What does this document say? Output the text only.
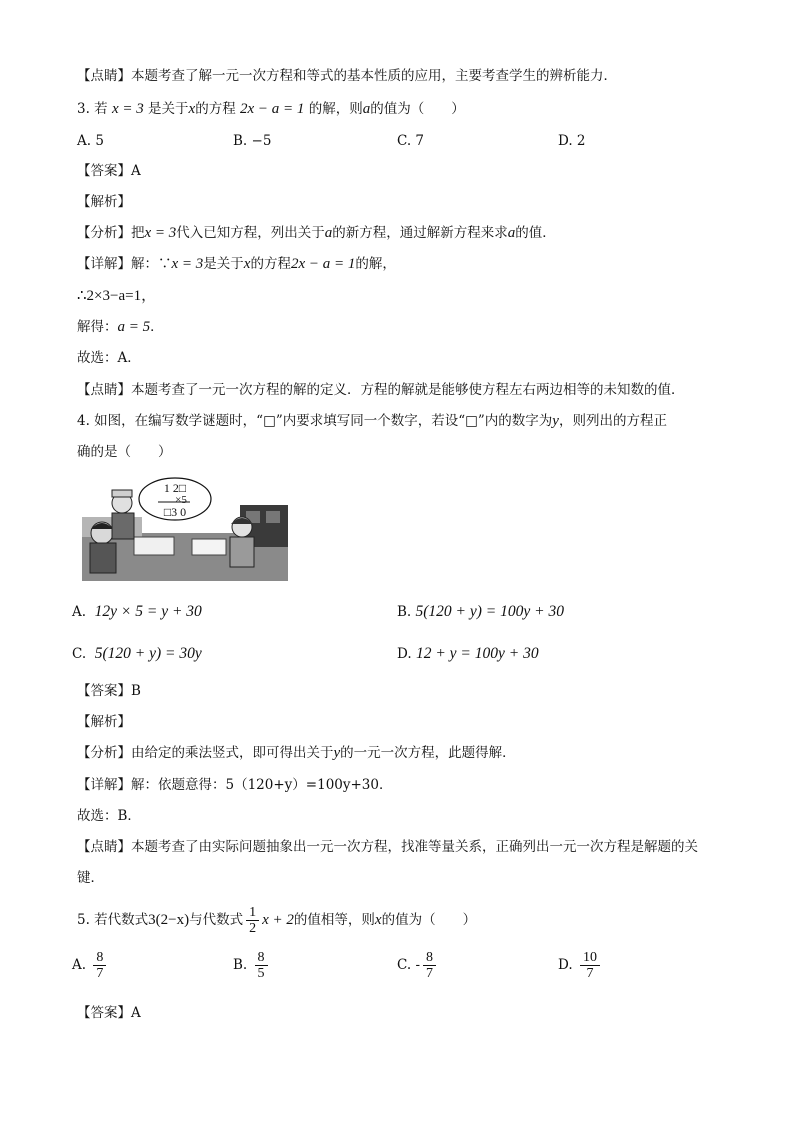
【点睛】本题考查了解一元一次方程和等式的基本性质的应用，主要考查学生的辨析能力．
3. 若 x = 3 是关于x的方程 2x − a = 1 的解，则a的值为（　　）
A. 5	B. −5	C. 7	D. 2
【答案】A
【解析】
【分析】把x = 3代入已知方程，列出关于a的新方程，通过解新方程来求a的值．
【详解】解：∵x = 3是关于x的方程2x − a = 1的解，
∴2×3−a=1，
解得：a = 5．
故选：A．
【点睛】本题考查了一元一次方程的解的定义．方程的解就是能够使方程左右两边相等的未知数的值．
4. 如图，在编写数学谜题时，“□”内要求填写同一个数字，若设“□”内的数字为y，则列出的方程正
确的是（　　）
1 2□
×5
□3 0
A. 12y × 5 = y + 30	B. 5(120 + y) = 100y + 30
C. 5(120 + y) = 30y	D. 12 + y = 100y + 30
【答案】B
【解析】
【分析】由给定的乘法竖式，即可得出关于y的一元一次方程，此题得解．
【详解】解：依题意得：5（120+y）=100y+30．
故选：B．
【点睛】本题考查了由实际问题抽象出一元一次方程，找准等量关系，正确列出一元一次方程是解题的关
键．
5. 若代数式3(2−x)与代数式 $\frac{1}{2}$ x + 2的值相等，则x的值为（　　）
A. $\frac{8}{7}$	B. $\frac{8}{5}$	C. - $\frac{8}{7}$	D. $\frac{10}{7}$
【答案】A
